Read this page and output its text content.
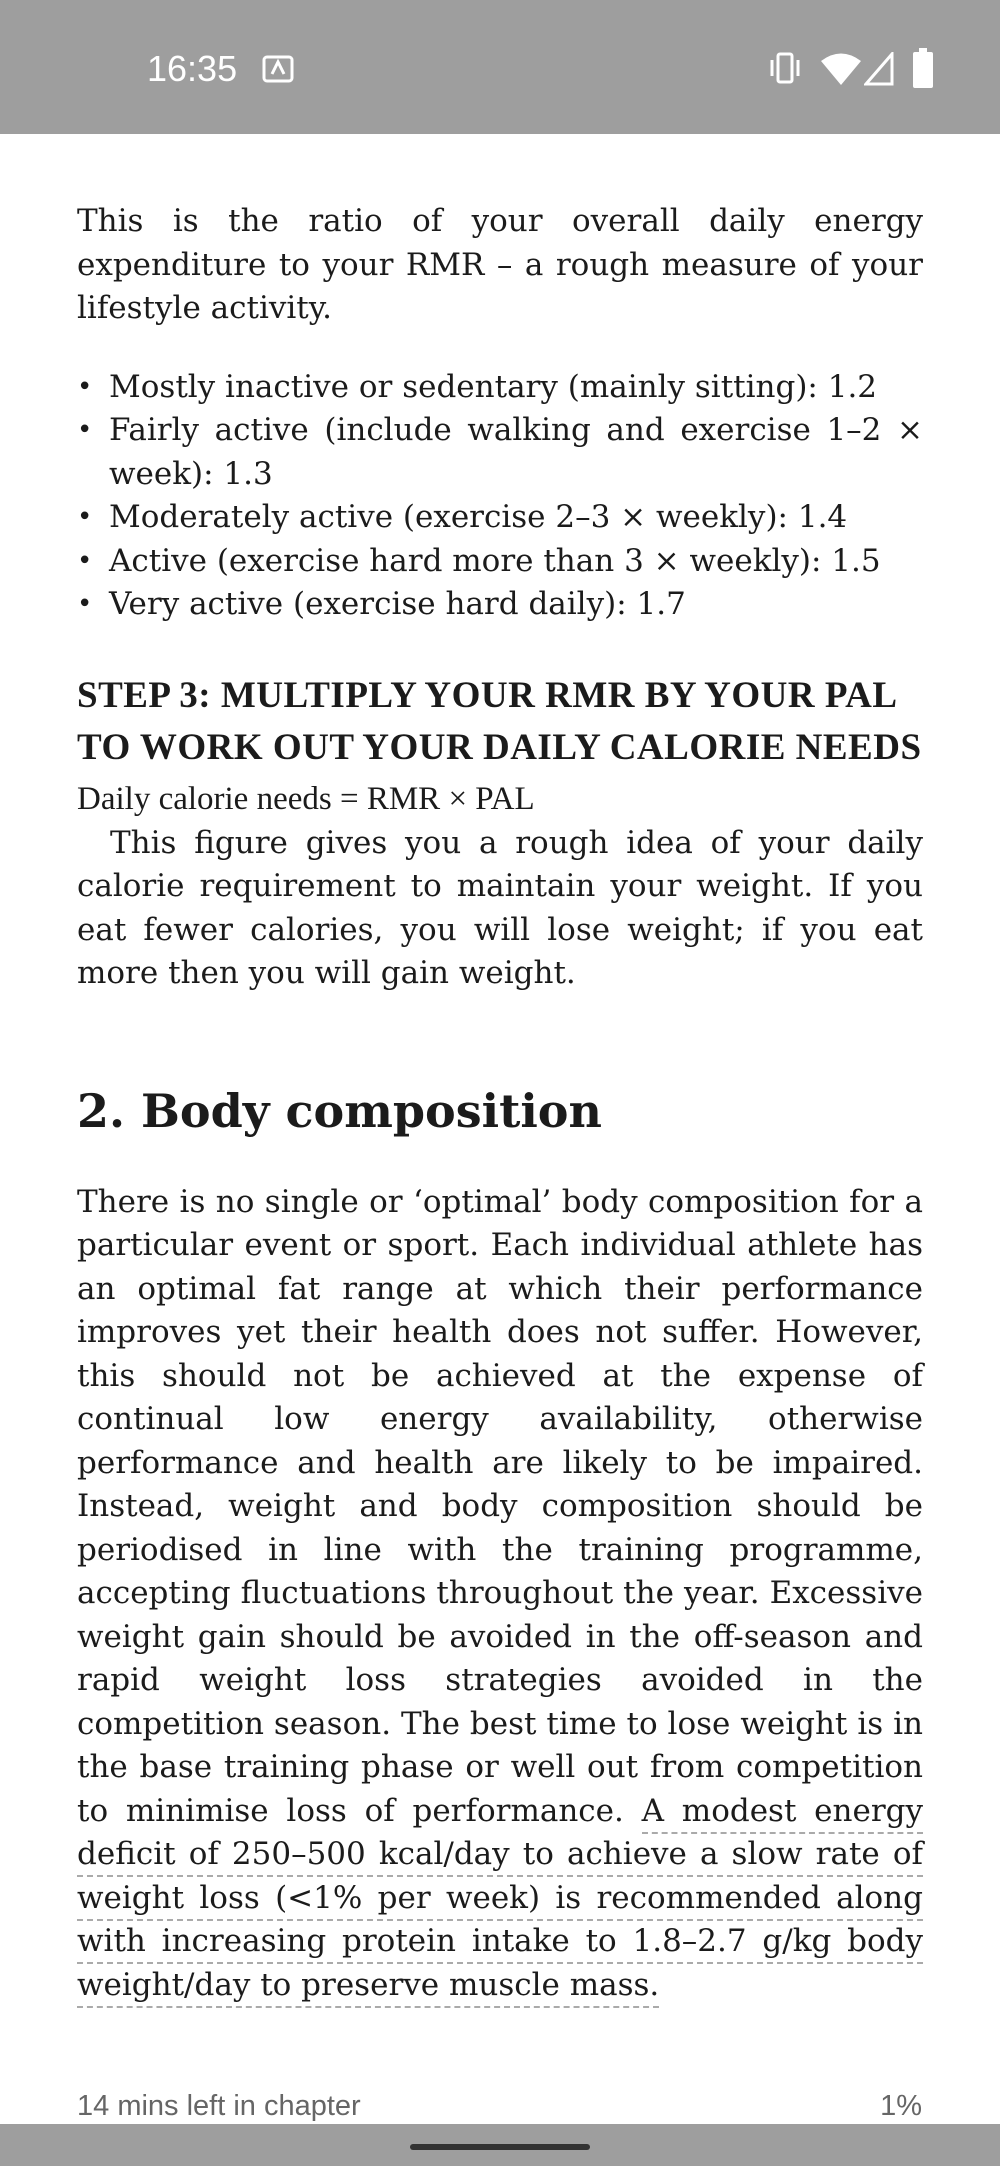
16:35

This is the ratio of your overall daily energy expenditure to your RMR – a rough measure of your lifestyle activity.

• Mostly inactive or sedentary (mainly sitting): 1.2
• Fairly active (include walking and exercise 1–2 × week): 1.3
• Moderately active (exercise 2–3 × weekly): 1.4
• Active (exercise hard more than 3 × weekly): 1.5
• Very active (exercise hard daily): 1.7
STEP 3: MULTIPLY YOUR RMR BY YOUR PAL TO WORK OUT YOUR DAILY CALORIE NEEDS

Daily calorie needs = RMR × PAL

This figure gives you a rough idea of your daily calorie requirement to maintain your weight. If you eat fewer calories, you will lose weight; if you eat more then you will gain weight.

2. Body composition

There is no single or ‘optimal’ body composition for a particular event or sport. Each individual athlete has an optimal fat range at which their performance improves yet their health does not suffer. However, this should not be achieved at the expense of continual low energy availability, otherwise performance and health are likely to be impaired. Instead, weight and body composition should be periodised in line with the training programme, accepting fluctuations throughout the year. Excessive weight gain should be avoided in the off-season and rapid weight loss strategies avoided in the competition season. The best time to lose weight is in the base training phase or well out from competition to minimise loss of performance. A modest energy deficit of 250–500 kcal/day to achieve a slow rate of weight loss (<1% per week) is recommended along with increasing protein intake to 1.8–2.7 g/kg body weight/day to preserve muscle mass.

14 mins left in chapter	1%
